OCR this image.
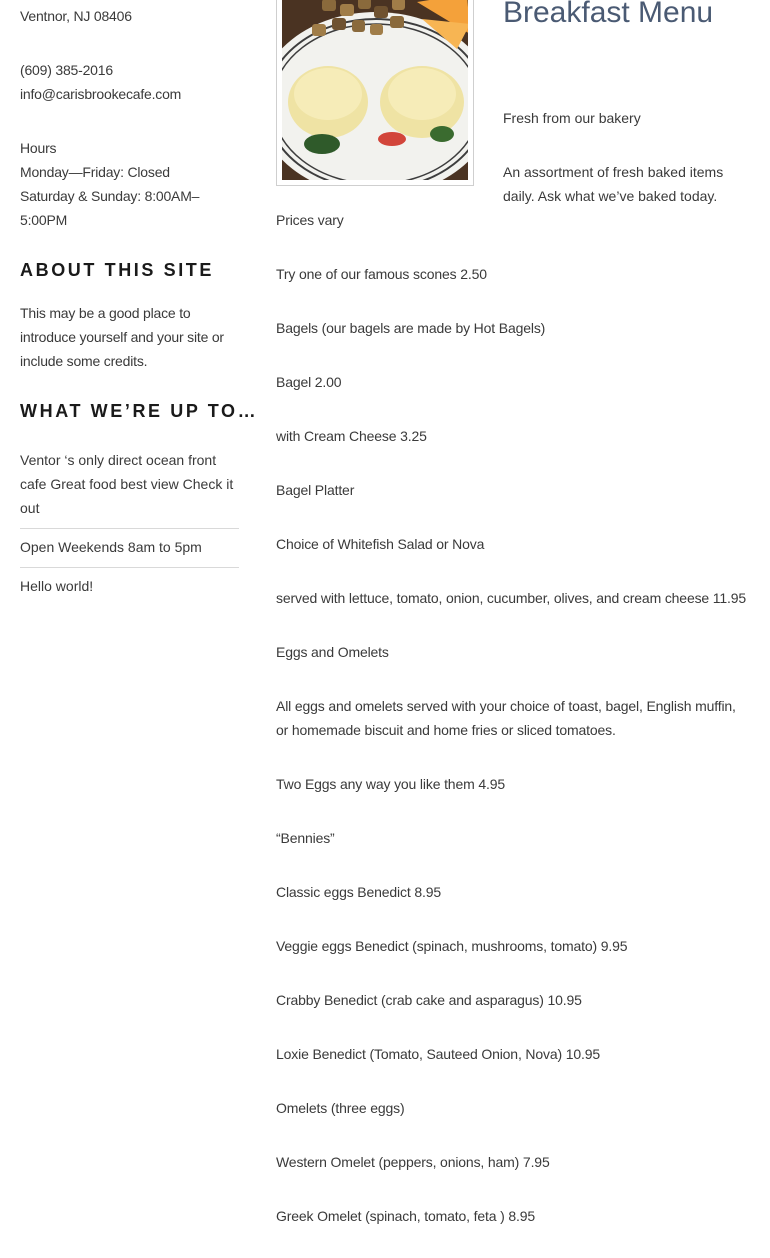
Ventnor, NJ 08406

(609) 385-2016

info@carisbrookecafe.com

Hours

Monday—Friday: Closed

Saturday & Sunday: 8:00AM–5:00PM

ABOUT THIS SITE

This may be a good place to introduce yourself and your site or include some credits.

WHAT WE’RE UP TO…
Ventor ‘s only direct ocean front cafe Great food best view Check it out
Open Weekends 8am to 5pm
Hello world!
Breakfast Menu

Fresh from our bakery

An assortment of fresh baked items daily. Ask what we’ve baked today.

Prices vary

Try one of our famous scones 2.50

Bagels (our bagels are made by Hot Bagels)

Bagel 2.00

with Cream Cheese 3.25

Bagel Platter

Choice of Whitefish Salad or Nova

served with lettuce, tomato, onion, cucumber, olives, and cream cheese 11.95

Eggs and Omelets

All eggs and omelets served with your choice of toast, bagel, English muffin, or homemade biscuit and home fries or sliced tomatoes.

Two Eggs any way you like them 4.95

“Bennies”

Classic eggs Benedict 8.95

Veggie eggs Benedict (spinach, mushrooms, tomato) 9.95

Crabby Benedict (crab cake and asparagus) 10.95

Loxie Benedict (Tomato, Sauteed Onion, Nova) 10.95

Omelets (three eggs)

Western Omelet (peppers, onions, ham) 7.95

Greek Omelet (spinach, tomato, feta ) 8.95
